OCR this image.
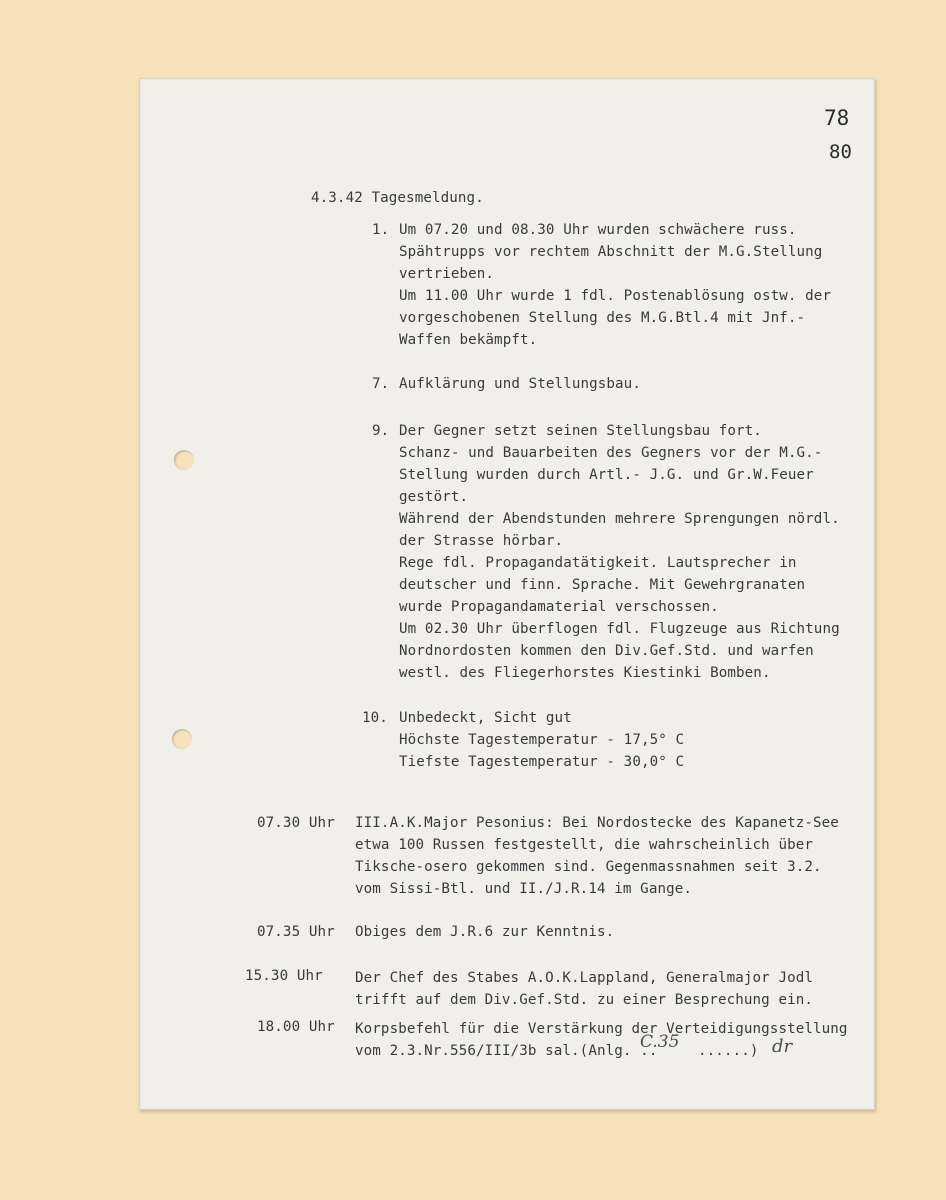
78
80
4.3.42 Tagesmeldung.
1. Um 07.20 und 08.30 Uhr wurden schwächere russ.
Spähtrupps vor rechtem Abschnitt der M.G.Stellung
vertrieben.
Um 11.00 Uhr wurde 1 fdl. Postenablösung ostw. der
vorgeschobenen Stellung des M.G.Btl.4 mit Jnf.-
Waffen bekämpft.
7. Aufklärung und Stellungsbau.
9. Der Gegner setzt seinen Stellungsbau fort.
Schanz- und Bauarbeiten des Gegners vor der M.G.-
Stellung wurden durch Artl.- J.G. und Gr.W.Feuer
gestört.
Während der Abendstunden mehrere Sprengungen nördl.
der Strasse hörbar.
Rege fdl. Propagandatätigkeit. Lautsprecher in
deutscher und finn. Sprache. Mit Gewehrgranaten
wurde Propagandamaterial verschossen.
Um 02.30 Uhr überflogen fdl. Flugzeuge aus Richtung
Nordnordosten kommen den Div.Gef.Std. und warfen
westl. des Fliegerhorstes Kiestinki Bomben.
10. Unbedeckt, Sicht gut
Höchste Tagestemperatur - 17,5° C
Tiefste Tagestemperatur - 30,0° C
07.30 Uhr III.A.K.Major Pesonius: Bei Nordostecke des Kapanetz-See
etwa 100 Russen festgestellt, die wahrscheinlich über
Tiksche-osero gekommen sind. Gegenmassnahmen seit 3.2.
vom Sissi-Btl. und II./J.R.14 im Gange.
07.35 Uhr Obiges dem J.R.6 zur Kenntnis.
15.30 Uhr Der Chef des Stabes A.O.K.Lappland, Generalmajor Jodl
trifft auf dem Div.Gef.Std. zu einer Besprechung ein.
18.00 Uhr Korpsbefehl für die Verstärkung der Verteidigungsstellung
vom 2.3.Nr.556/III/3b sal.(Anlg. ..
C.35 ......) dr
